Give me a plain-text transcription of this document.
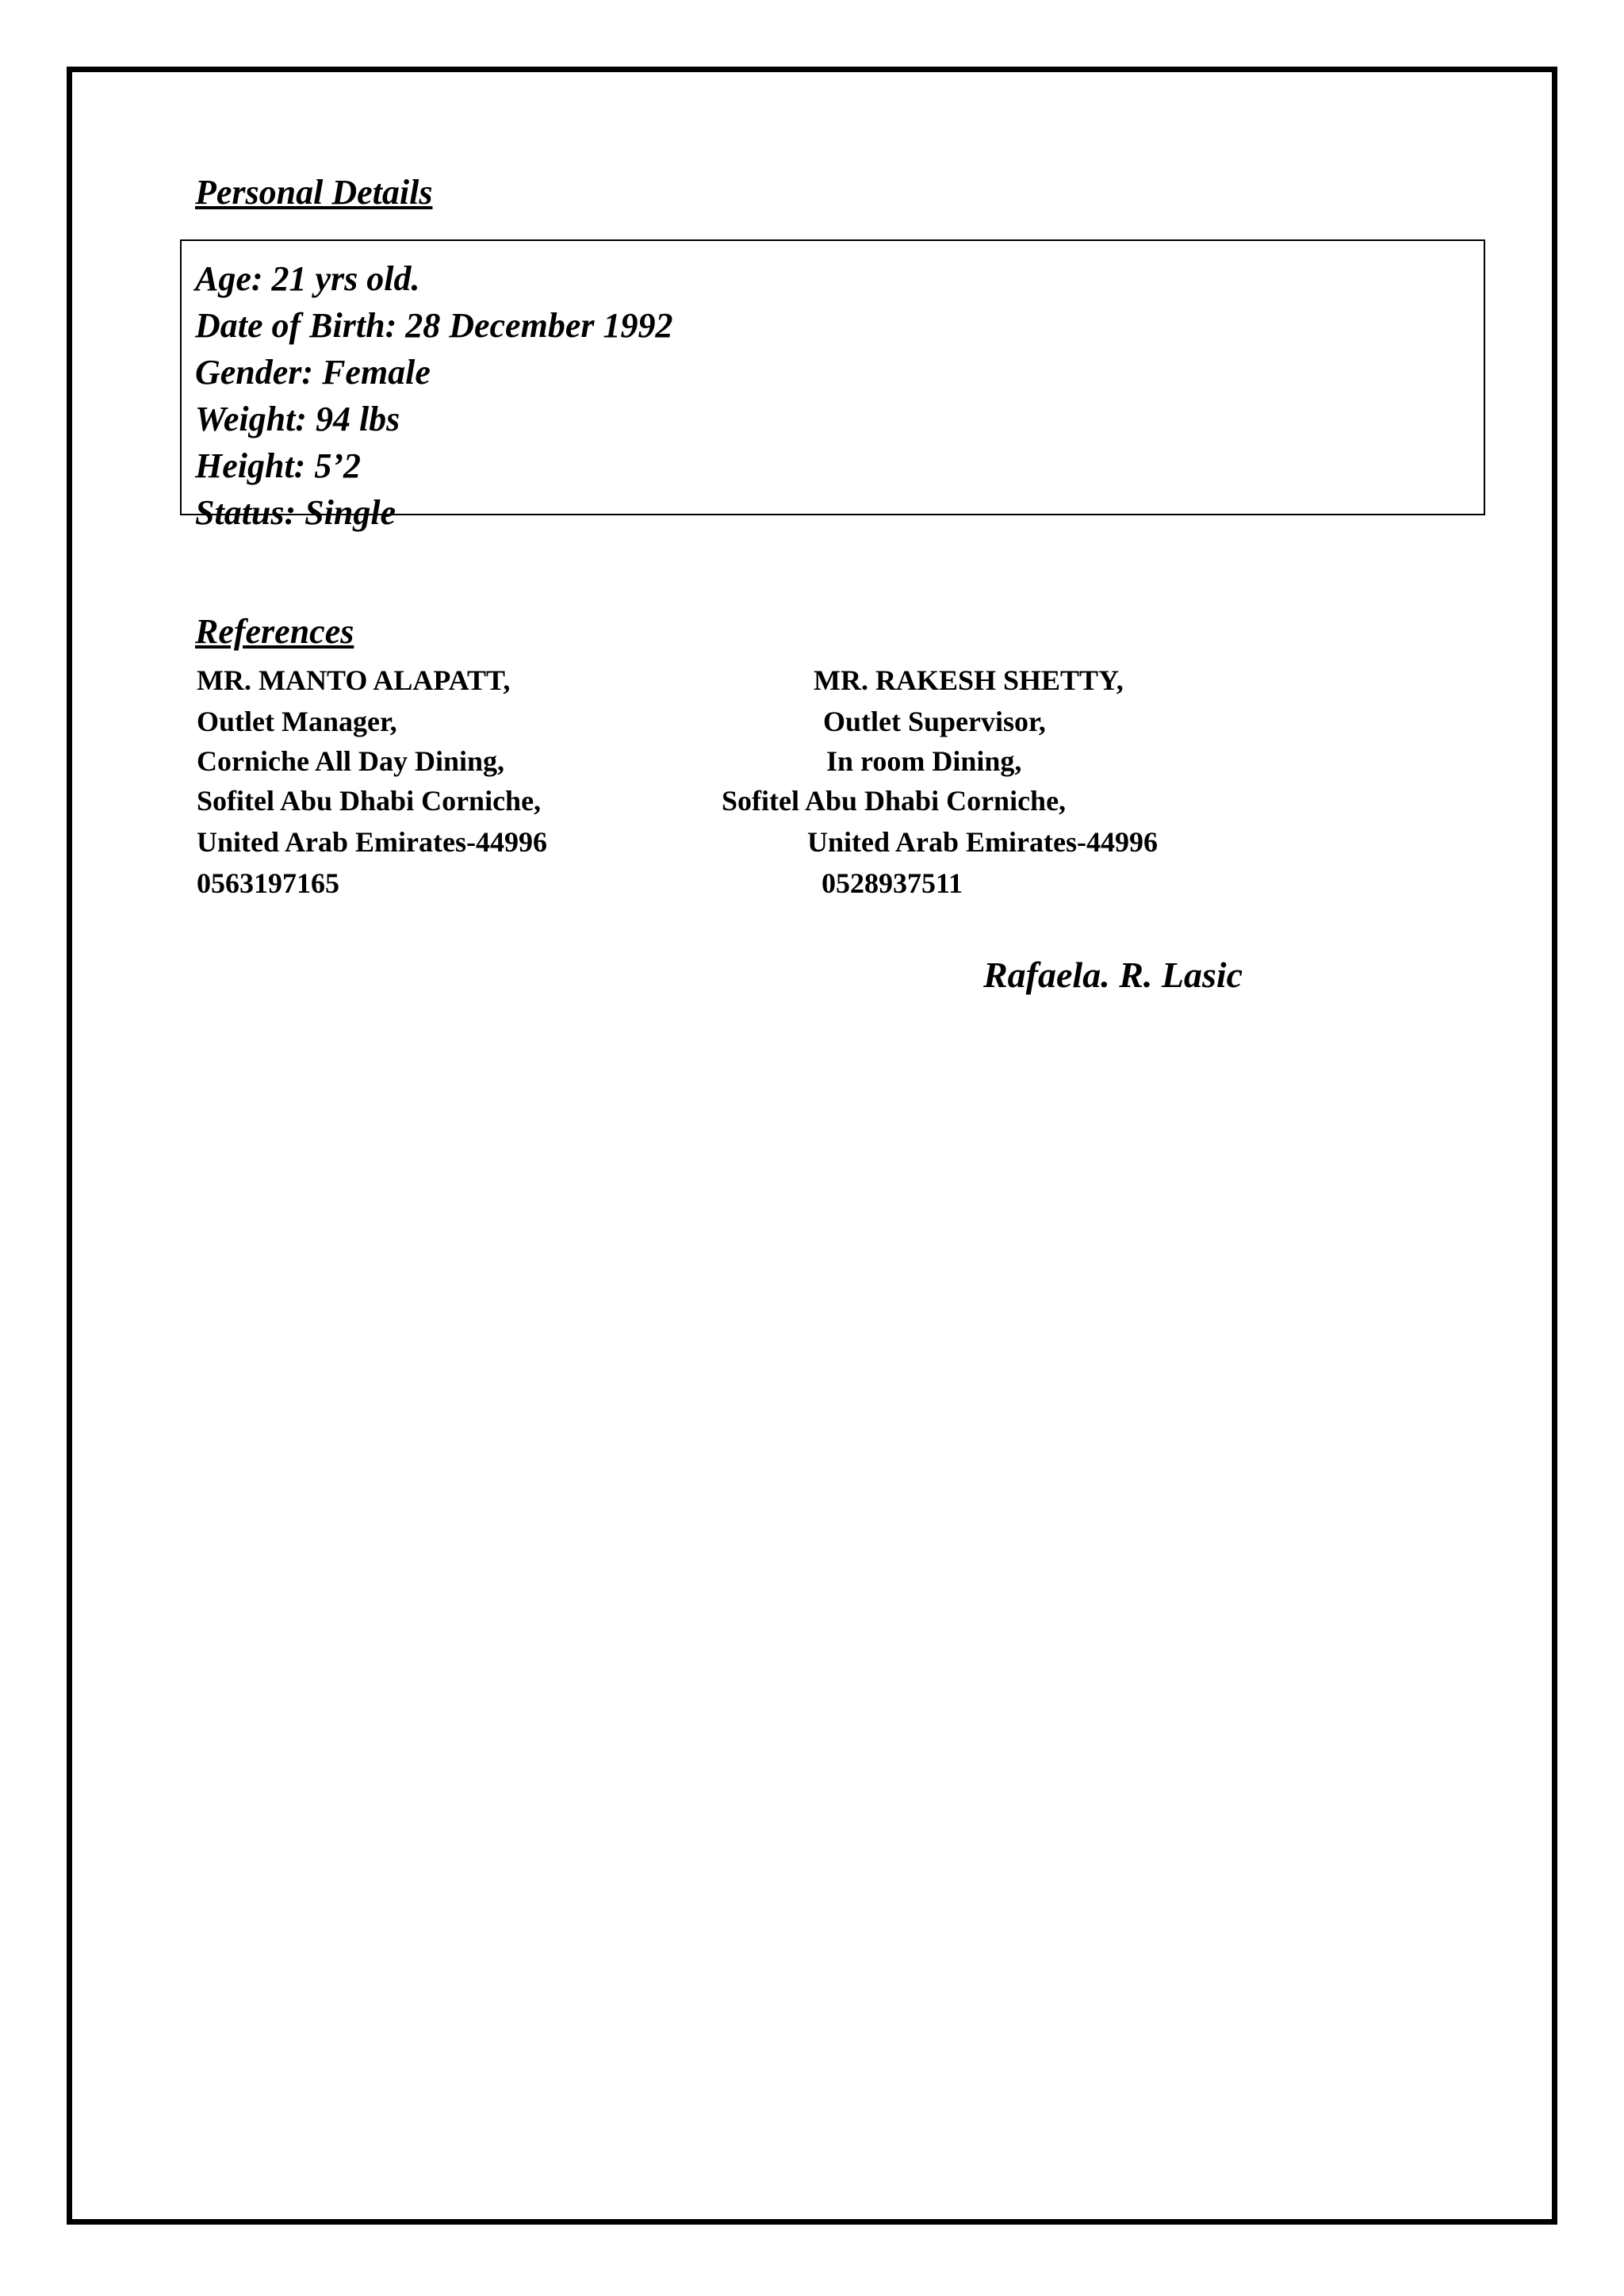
Personal Details
Age: 21 yrs old.
Date of Birth: 28 December 1992
Gender: Female
Weight: 94 lbs
Height: 5’2
Status: Single
References
MR. MANTO ALAPATT,
Outlet Manager,
Corniche All Day Dining,
Sofitel Abu Dhabi Corniche,
United Arab Emirates-44996
0563197165
MR. RAKESH SHETTY,
Outlet Supervisor,
In room Dining,
Sofitel Abu Dhabi Corniche,
United Arab Emirates-44996
0528937511
Rafaela. R. Lasic
